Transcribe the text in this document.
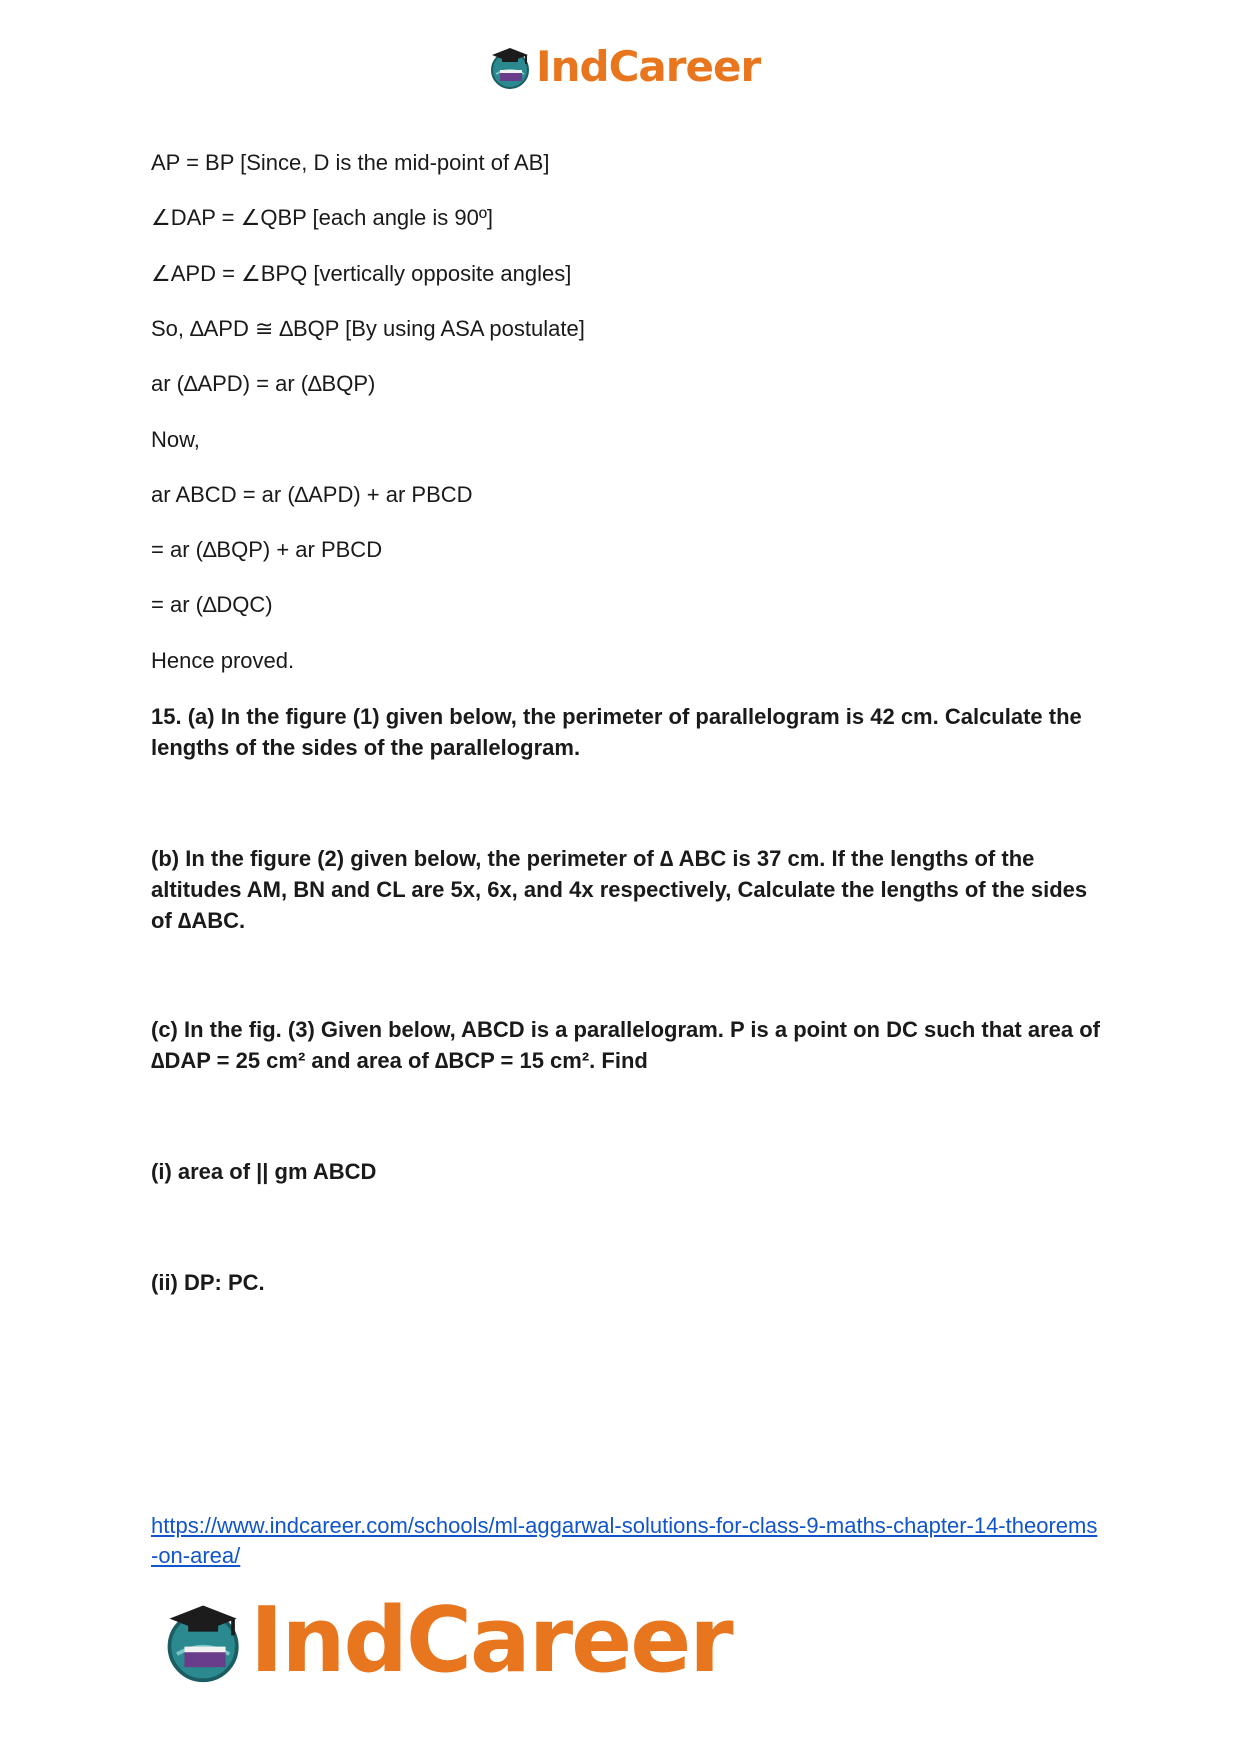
IndCareer
AP = BP [Since, D is the mid-point of AB]
∠DAP = ∠QBP [each angle is 90º]
∠APD = ∠BPQ [vertically opposite angles]
So, ∆APD ≅ ∆BQP [By using ASA postulate]
ar (∆APD) = ar (∆BQP)
Now,
ar ABCD = ar (∆APD) + ar PBCD
= ar (∆BQP) + ar PBCD
= ar (∆DQC)
Hence proved.
15. (a) In the figure (1) given below, the perimeter of parallelogram is 42 cm. Calculate the lengths of the sides of the parallelogram.
(b) In the figure (2) given below, the perimeter of ∆ ABC is 37 cm. If the lengths of the altitudes AM, BN and CL are 5x, 6x, and 4x respectively, Calculate the lengths of the sides of ∆ABC.
(c) In the fig. (3) Given below, ABCD is a parallelogram. P is a point on DC such that area of ∆DAP = 25 cm² and area of ∆BCP = 15 cm². Find
(i) area of || gm ABCD
(ii) DP: PC.
https://www.indcareer.com/schools/ml-aggarwal-solutions-for-class-9-maths-chapter-14-theorems-on-area/
IndCareer
